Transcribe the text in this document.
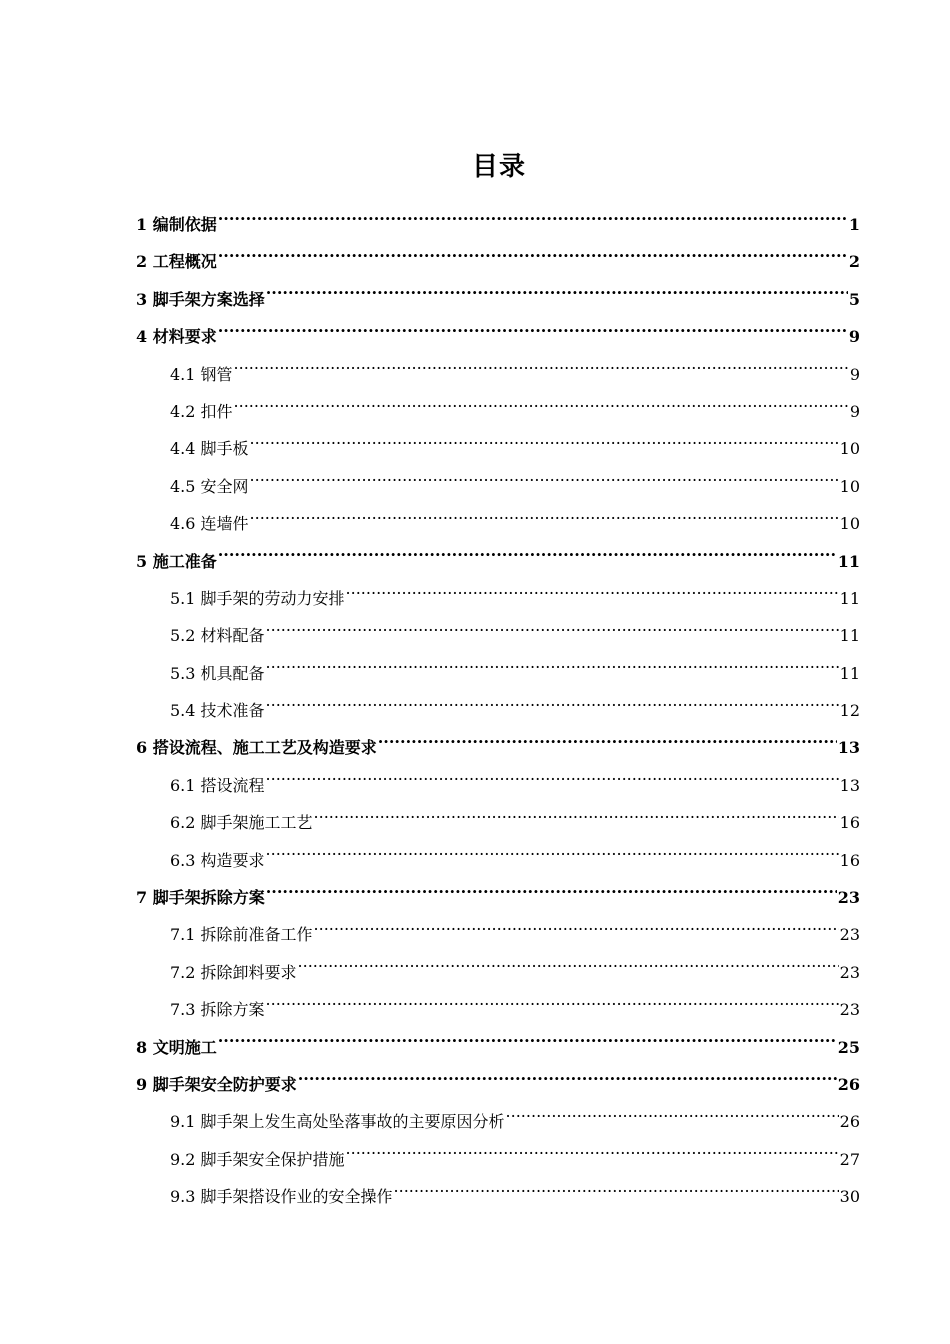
目录
1 编制依据 .....	1
2 工程概况 .....	2
3 脚手架方案选择 .....	5
4 材料要求 .....	9
4.1 钢管 .....	9
4.2 扣件 .....	9
4.4 脚手板 .....	10
4.5 安全网 .....	10
4.6 连墙件 .....	10
5 施工准备 .....	11
5.1 脚手架的劳动力安排 .....	11
5.2 材料配备 .....	11
5.3 机具配备 .....	11
5.4 技术准备 .....	12
6 搭设流程、施工工艺及构造要求 .....	13
6.1 搭设流程 .....	13
6.2 脚手架施工工艺 .....	16
6.3 构造要求 .....	16
7 脚手架拆除方案 .....	23
7.1 拆除前准备工作 .....	23
7.2 拆除卸料要求 .....	23
7.3 拆除方案 .....	23
8 文明施工 .....	25
9 脚手架安全防护要求 .....	26
9.1 脚手架上发生高处坠落事故的主要原因分析 .....	26
9.2 脚手架安全保护措施 .....	27
9.3 脚手架搭设作业的安全操作 .....	30
